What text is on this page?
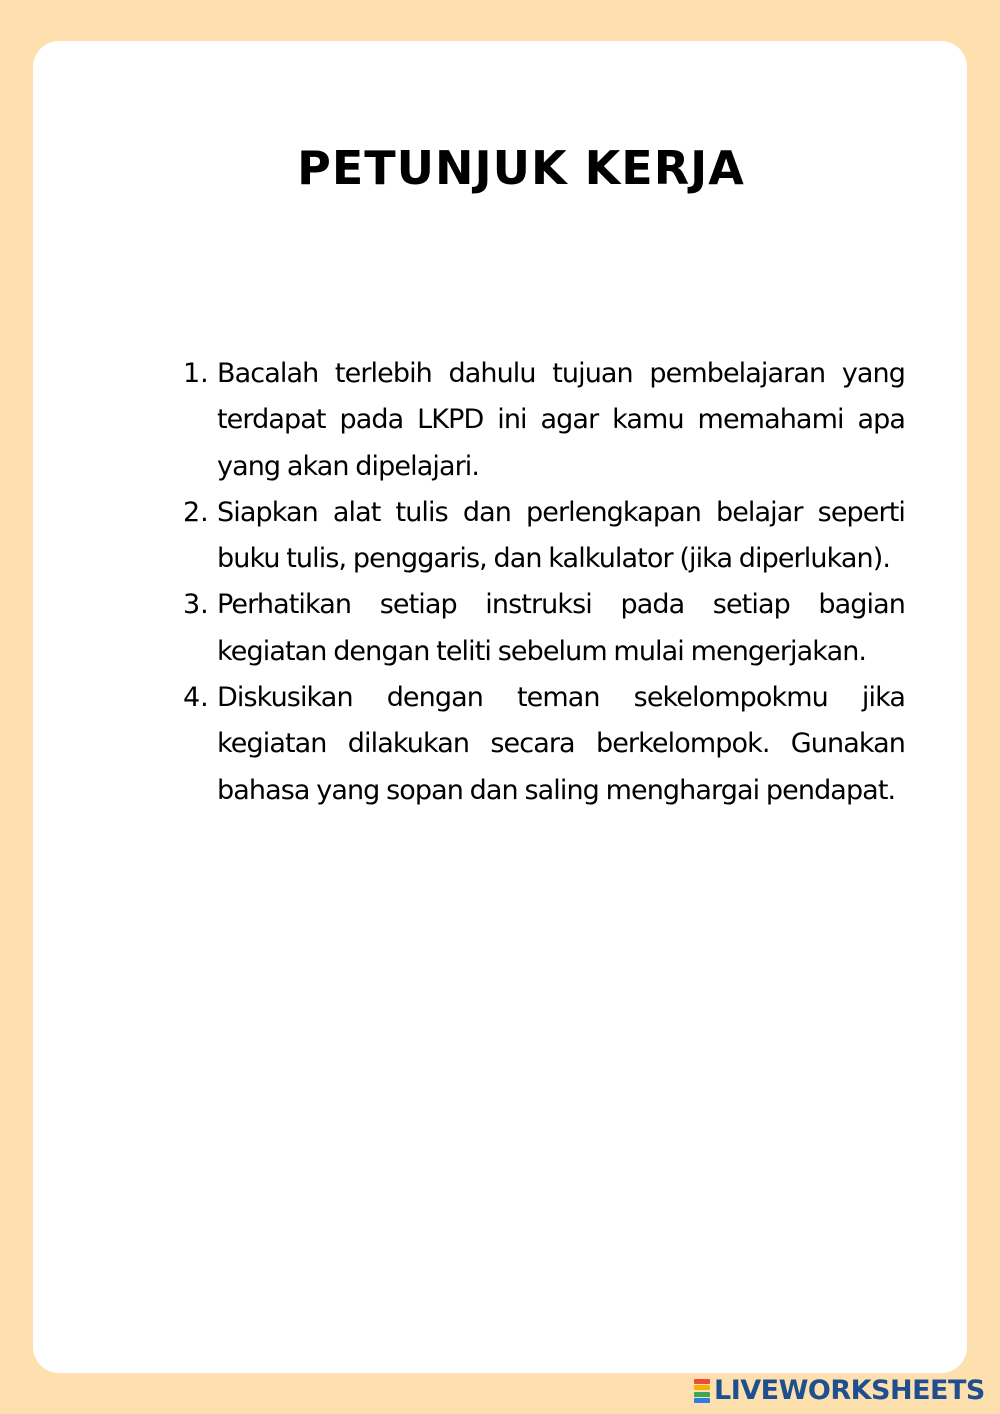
PETUNJUK KERJA
1. Bacalah terlebih dahulu tujuan pembelajaran yang terdapat pada LKPD ini agar kamu memahami apa yang akan dipelajari.
2. Siapkan alat tulis dan perlengkapan belajar seperti buku tulis, penggaris, dan kalkulator (jika diperlukan).
3. Perhatikan setiap instruksi pada setiap bagian kegiatan dengan teliti sebelum mulai mengerjakan.
4. Diskusikan dengan teman sekelompokmu jika kegiatan dilakukan secara berkelompok. Gunakan bahasa yang sopan dan saling menghargai pendapat.
LIVEWORKSHEETS
